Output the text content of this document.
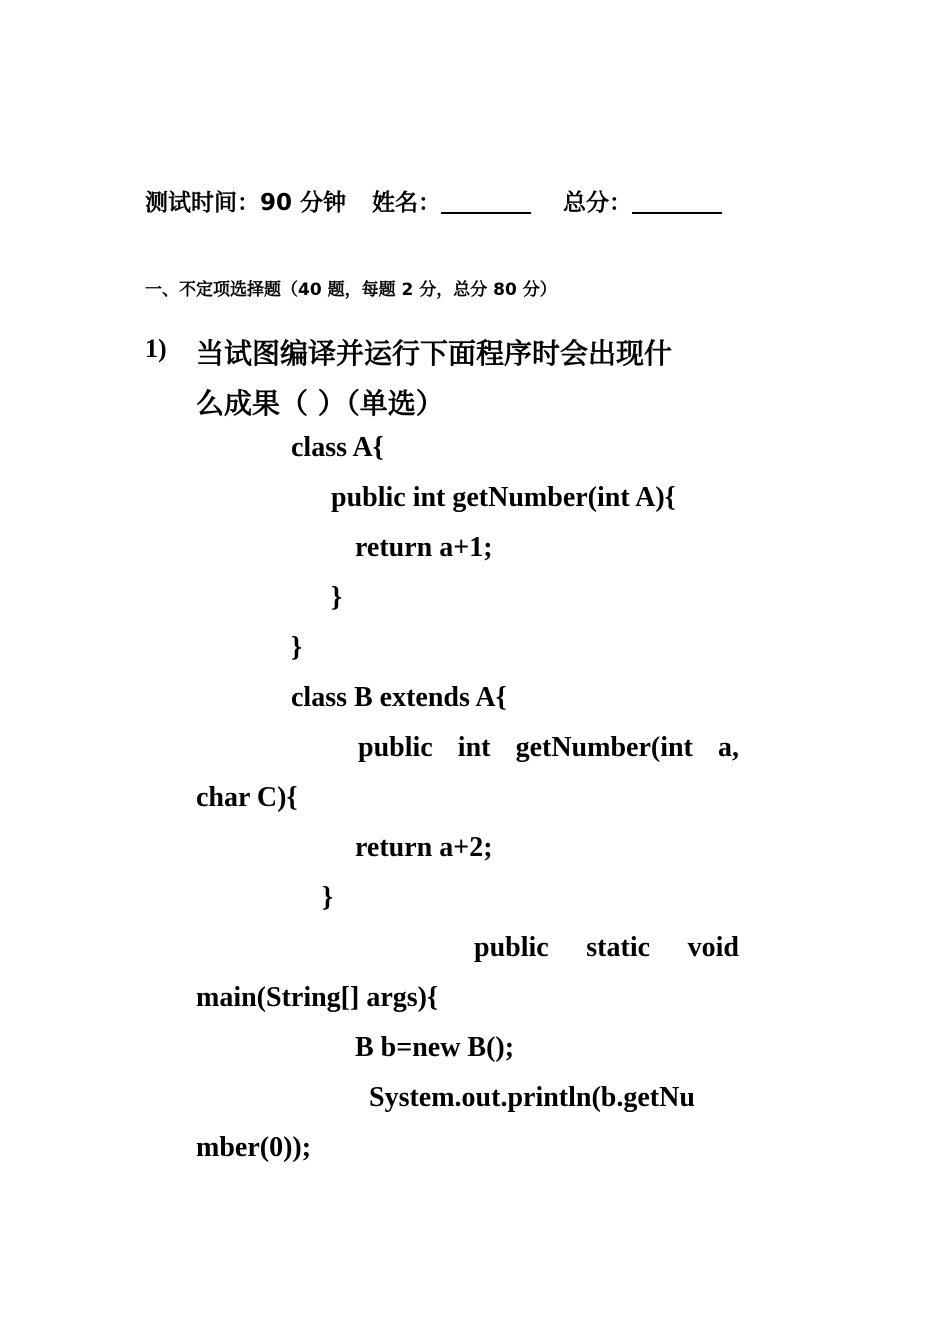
测试时间：90 分钟 姓名：	总分：
一、不定项选择题（40 题，每题 2 分，总分 80 分）
1) 当试图编译并运行下面程序时会出现什
么成果（ ）（单选）
class A{
public int getNumber(int A){
return a+1;
}
}
class B extends A{
public int getNumber(int a,
char C){
return a+2;
}
public static void
main(String[] args){
B b=new B();
System.out.println(b.getNu
mber(0));
